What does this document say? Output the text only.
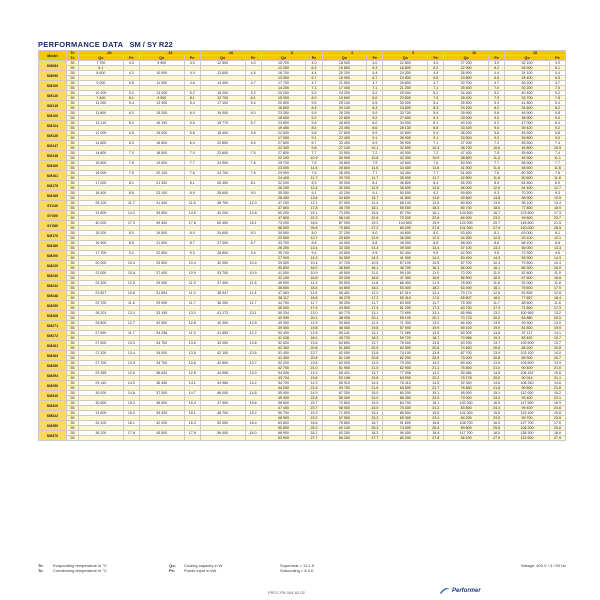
PERFORMANCE DATA SM / SY R22
Model	Te	-20		-15		-10		-5		0		5		10		15	
	Tc	Qo	Pe	Qo	Pe	Qo	Pe	Qo	Pe	Qo	Pe	Qo	Pe	Qo	Pe	Qo	Pe
SM084	35	7 700	4.0	9 900	4.0	12 500	4.0	15 700	4.0	18 900	4.0	22 800	4.0	27 200	3.9	32 100	3.9
	55	6 1						12 000	6.4	15 800	6.3	18 800	6.2	22 900	6.2	26 900	6.1
SM090	35	8 600	4.3	10 900	4.4	13 600	4.4	16 700	4.4	20 200	4.4	24 200	4.4	28 900	4.4	34 100	4.4
	55							13 500	6.7	16 900	6.7	19 800	6.6	23 800	6.6	28 400	6.5
SM100	35	9 000	4.6	11 500	4.6	14 400	4.7	17 700	4.7	21 500	4.7	25 800	4.7	30 700	4.7	36 200	4.7
	55							14 200	7.1	17 400	7.1	21 200	7.1	25 400	7.0	30 200	7.0
SM110	35	10 200	5.2	13 000	5.2	16 200	5.2	20 000	5.2	24 200	5.2	29 000	5.2	34 400	5.2	40 400	5.2
	55	7 400	8.1	9 900	8.1	12 700	8.1	15 900	8.0	19 600	8.0	23 800	7.9	28 400	7.9	33 700	7.8
SM115	35	11 200	5.4	13 900	5.4	17 100	5.4	20 800	5.5	25 100	5.5	30 000	5.4	35 600	5.4	41 800	5.4
	55							16 600	8.4	20 100	8.3	24 500	8.3	29 200	8.2	34 600	8.2
SM120	35	11 800	6.0	15 200	6.0	19 000	6.0	23 300	5.9	28 200	5.9	33 700	5.9	39 900	5.8	46 900	5.8
	55							18 600	9.2	22 800	9.2	27 600	9.1	33 000	9.0	38 900	9.0
SM124	35	13 110	5.4	16 190	5.5	19 770	5.7	23 800	5.8	28 600	6.0	34 000	6.1	40 100	6.2	47 000	6.4
	55							19 450	8.4	23 490	8.6	28 130	8.8	33 420	9.0	39 420	9.2
SM125	35	12 000	5.8	15 000	5.8	18 400	5.8	22 500	5.8	27 600	5.9	32 800	5.9	38 200	5.8	45 500	5.8
	55							17 000	9.1	22 400	9.1	26 900	9.1	33 500	9.0	39 800	9.0
SM147	35	14 800	6.3	18 600	6.4	22 800	6.5	27 800	6.7	33 400	6.9	39 900	7.1	47 200	7.3	55 500	7.4
	55							22 300	9.8	27 100	10.1	32 500	10.3	38 700	10.6	45 800	10.9
SM148	35	14 800	7.0	18 500	7.0	22 800	7.5	27 800	7.7	33 500	7.2	40 000	7.2	47 400	7.5	55 600	7.4
	55							22 100	10.9	26 900	10.8	32 300	10.9	38 800	11.0	45 900	11.1
SM160	35	15 500	7.6	19 600	7.7	24 500	7.8	29 700	7.6	35 800	7.5	42 600	7.6	50 300	7.7	58 900	7.7
	55							23 500	11.6	28 600	11.6	34 400	11.6	41 000	11.6	48 500	11.6
SM161	35	16 000	7.5	20 100	7.6	24 700	7.6	29 900	7.6	36 000	7.7	43 400	7.7	51 400	7.8	60 300	7.8
	55							24 400	11.7	29 700	11.7	35 900	11.7	42 800	11.8	50 600	11.8
SM175	35	17 000	8.1	21 300	8.1	26 400	8.1	32 000	8.3	39 000	8.4	46 800	8.4	55 200	8.5	64 800	8.5
	55							26 200	12.4	32 000	12.5	38 500	12.6	46 000	12.6	54 400	12.7
SM185	35	18 400	8.8	23 100	8.9	28 600	9.0	35 000	9.1	42 200	9.1	50 500	9.2	59 800	9.3	70 200	9.3
	55							28 400	13.6	34 600	13.7	41 800	13.8	49 800	13.8	58 900	13.9
SY240	35	25 100	11.7	31 400	11.8	38 700	12.0	47 200	12.1	57 000	12.4	68 100	12.6	80 800	13.0	95 100	13.4
	55							37 800	17.8	45 700	18.1	55 000	18.3	65 700	18.6	77 800	18.9
SY300	35	31 800	14.2	39 800	14.5	49 200	14.8	60 200	15.1	73 000	15.6	87 700	16.1	104 600	16.7	123 800	17.3
	55							47 600	22.3	58 100	22.6	70 200	22.8	84 000	23.2	99 600	23.7
SY380	35	40 000	17.3	49 400	17.6	60 400	18.1	73 200	18.6	87 900	19.2	104 800	19.9	124 000	20.7	145 600	21.5
	55							58 500	26.8	70 800	27.2	85 200	27.6	101 500	27.9	120 000	28.5
SM170	35	15 200	8.0	19 500	8.0	24 600	8.0	30 500	8.0	37 200	8.0	44 800	8.0	53 400	8.1	63 000	8.1
	55							23 600	12.7	29 600	12.6	36 300	12.5	44 300	12.5	53 100	12.1
SM180	35	16 900	8.6	21 600	8.7	27 300	8.7	33 700	8.8	40 900	8.8	49 000	8.8	58 000	8.8	68 100	8.8
	55							26 200	13.4	32 300	13.4	39 300	13.4	47 100	13.3	56 000	13.3
SM200	35	17 700	9.2	22 800	9.3	28 800	9.4	35 700	9.4	43 600	9.5	52 400	9.5	62 300	9.6	73 300	9.6
	55							27 900	14.3	34 500	14.3	41 900	14.3	50 400	14.3	59 900	14.3
SM220	35	20 000	10.4	25 500	10.4	32 000	10.4	39 500	10.4	47 700	10.5	57 100	10.5	67 700	10.4	79 500	10.4
	55							30 800	16.0	38 600	16.1	46 700	16.1	56 000	16.1	66 300	16.0
SM230	35	22 000	10.8	27 400	10.9	33 700	10.9	41 000	10.9	49 500	11.0	59 100	11.0	70 200	11.0	82 800	11.0
	55							32 100	16.8	39 200	16.8	47 400	16.9	56 900	16.9	67 600	16.8
SM242	35	23 300	12.0	29 900	11.9	37 400	11.8	45 900	11.9	55 500	11.8	66 400	11.9	78 500	11.8	92 000	11.8
	55							36 600	18.4	44 600	18.3	53 400	18.2	63 400	18.1	75 600	17.9
SM248	35	23 827	10.8	31 894	11.0	38 947	11.4	47 063	11.6	56 401	12.0	67 019	12.4	79 174	12.6	92 826	12.8
	55							38 117	16.8	46 275	17.2	55 416	17.6	65 807	18.0	77 657	18.4
SM250	35	23 700	11.6	29 900	11.7	36 200	11.7	44 700	11.7	55 200	11.7	63 500	11.7	75 300	11.7	88 600	11.6
	55							36 000	17.4	43 500	17.4	51 200	17.3	60 700	17.3	71 800	17.3
SM268	35	26 201	13.0	33 195	13.0	41 173	13.1	50 334	13.0	60 775	13.1	72 690	13.1	85 998	13.2	100 963	13.2
	55							40 090	20.1	48 935	20.1	59 109	20.1	70 723	20.0	83 880	20.0
SM271	35	25 800	12.7	32 500	12.8	40 300	12.8	49 300	12.9	59 600	12.9	71 300	13.0	84 400	13.0	99 300	13.0
	55							39 500	19.8	48 000	19.8	57 900	19.9	69 100	19.9	81 800	19.9
SM272	35	27 590	11.7	34 258	11.9	41 853	12.2	50 400	12.6	60 141	13.1	71 089	13.5	83 309	13.8	97 117	14.1
	55							41 028	18.2	49 733	18.3	59 720	18.7	70 966	19.3	83 492	19.7
SM281	35	27 500	13.3	34 700	13.5	43 000	13.6	52 600	13.6	63 600	13.7	76 000	13.8	90 200	13.7	105 500	13.7
	55							42 300	20.8	51 800	20.9	62 500	20.8	74 600	20.8	88 200	20.8
SM283	35	27 100	13.4	34 000	13.5	42 100	13.6	51 400	13.7	62 000	13.8	74 100	13.8	87 700	13.9	103 100	14.0
	55							41 300	20.8	51 100	20.8	62 200	20.9	75 000	20.8	89 300	20.7
SM290	35	27 700	13.5	34 700	13.6	42 800	13.7	52 200	13.8	63 000	13.9	75 200	14.0	89 400	13.9	105 500	13.9
	55							42 700	21.0	51 900	21.0	62 900	21.1	75 800	21.0	90 400	21.0
SM294	35	29 355	12.6	36 642	12.8	44 956	13.0	54 506	13.3	65 431	13.7	77 908	14.2	92 084	14.8	108 152	15.6
	55							43 734	19.6	53 198	19.8	64 090	20.2	76 278	20.6	90 014	21.1
SM296	35	29 140	14.0	36 450	14.1	44 980	14.2	54 700	14.3	65 910	14.4	78 410	14.5	92 340	14.6	108 240	14.6
	55							44 200	21.5	53 700	21.6	64 500	21.7	76 800	21.8	90 600	21.8
SM310	35	30 000	14.6	37 300	14.7	46 000	14.8	55 900	14.9	67 300	15.0	80 200	15.1	95 000	15.1	112 000	15.2
	55							45 400	22.8	55 000	22.9	66 300	23.0	79 000	23.0	93 400	23.1
SM320	35	30 600	15.2	38 600	15.4	47 900	15.6	58 600	15.7	70 800	15.9	84 700	16.1	100 300	16.5	117 900	16.9
	55							47 400	23.7	58 000	24.0	70 000	24.2	83 800	24.4	99 400	24.6
SM322	35	31 600	15.0	39 300	15.1	48 700	15.2	59 700	15.3	71 500	15.4	85 500	15.5	101 300	15.6	119 100	15.8
	55							46 900	23.2	57 500	23.3	69 300	23.4	84 200	23.5	99 700	23.5
SM350	35	33 100	16.1	42 000	16.3	52 000	16.4	63 800	16.6	76 800	16.7	91 600	16.8	108 700	16.9	127 700	17.0
	55							50 800	25.2	62 100	25.3	74 900	25.4	89 600	25.5	106 200	25.6
SM370	35	36 200	17.6	45 500	17.8	56 400	18.0	68 900	18.1	83 200	18.3	99 400	18.4	117 700	18.5	138 300	18.6
	55							53 900	27.7	66 200	27.7	80 200	27.8	96 100	27.9	113 900	27.9
Te:	Evaporating temperature in °C	Qo:	Cooling capacity in W	Superheat = 11.1 K
Tc:	Condensing temperature in °C	Pe:	Power input in kW	Subcooling = 8.3 K
Voltage: 400 V / 3 / 50 Hz
FRCC.PK.004.A2.02	Performer
